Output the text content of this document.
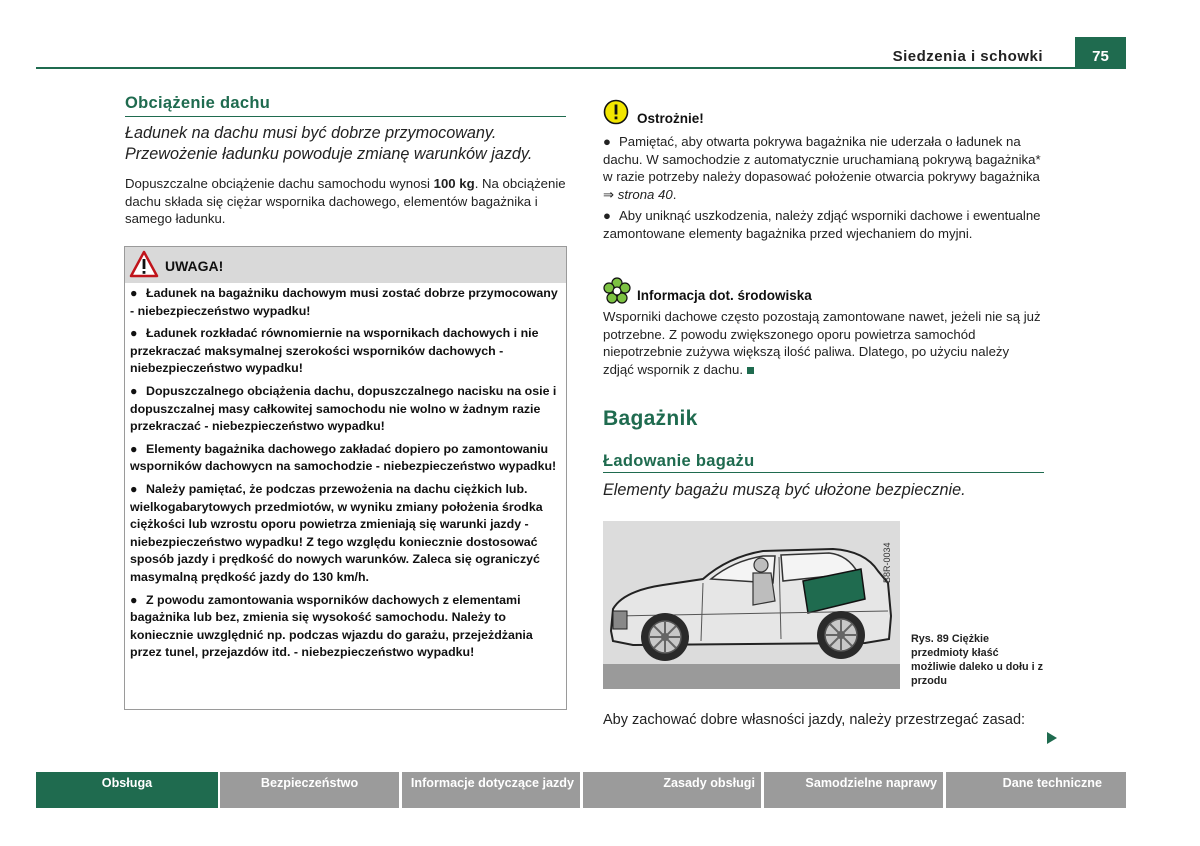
Siedzenia i schowki	75
Obciążenie dachu
Ładunek na dachu musi być dobrze przymocowany.
Przewożenie ładunku powoduje zmianę warunków jazdy.
Dopuszczalne obciążenie dachu samochodu wynosi 100 kg. Na obciążenie dachu składa się ciężar wspornika dachowego, elementów bagażnika i samego ładunku.
UWAGA!
● Ładunek na bagażniku dachowym musi zostać dobrze przymocowany - niebezpieczeństwo wypadku!
● Ładunek rozkładać równomiernie na wspornikach dachowych i nie przekraczać maksymalnej szerokości wsporników dachowych - niebezpieczeństwo wypadku!
● Dopuszczalnego obciążenia dachu, dopuszczalnego nacisku na osie i dopuszczalnej masy całkowitej samochodu nie wolno w żadnym razie przekraczać - niebezpieczeństwo wypadku!
● Elementy bagażnika dachowego zakładać dopiero po zamontowaniu wsporników dachowycn na samochodzie - niebezpieczeństwo wypadku!
● Należy pamiętać, że podczas przewożenia na dachu ciężkich lub. wielkogabarytowych przedmiotów, w wyniku zmiany położenia środka ciężkości lub wzrostu oporu powietrza zmieniają się warunki jazdy - niebezpieczeństwo wypadku! Z tego względu koniecznie dostosować sposób jazdy i prędkość do nowych warunków. Zaleca się ograniczyć masymalną prędkość jazdy do 130 km/h.
● Z powodu zamontowania wsporników dachowych z elementami bagażnika lub bez, zmienia się wysokość samochodu. Należy to koniecznie uwzględnić np. podczas wjazdu do garażu, przejeżdżania przez tunel, przejazdów itd. - niebezpieczeństwo wypadku!
Ostrożnie!
● Pamiętać, aby otwarta pokrywa bagażnika nie uderzała o ładunek na dachu. W samochodzie z automatycznie uruchamianą pokrywą bagażnika* w razie potrzeby należy dopasować położenie otwarcia pokrywy bagażnika ⇒ strona 40.
● Aby uniknąć uszkodzenia, należy zdjąć wsporniki dachowe i ewentualne zamontowane elementy bagażnika przed wjechaniem do myjni.
Informacja dot. środowiska
Wsporniki dachowe często pozostają zamontowane nawet, jeżeli nie są już potrzebne. Z powodu zwiększonego oporu powietrza samochód niepotrzebnie zużywa większą ilość paliwa. Dlatego, po użyciu należy zdjąć wspornik z dachu.
Bagażnik
Ładowanie bagażu
Elementy bagażu muszą być ułożone bezpiecznie.
B8R-0034
Rys. 89 Ciężkie przedmioty kłaść możliwie daleko u dołu i z przodu
Aby zachować dobre własności jazdy, należy przestrzegać zasad:
Obsługa	Bezpieczeństwo	Informacje dotyczące jazdy	Zasady obsługi	Samodzielne naprawy	Dane techniczne
